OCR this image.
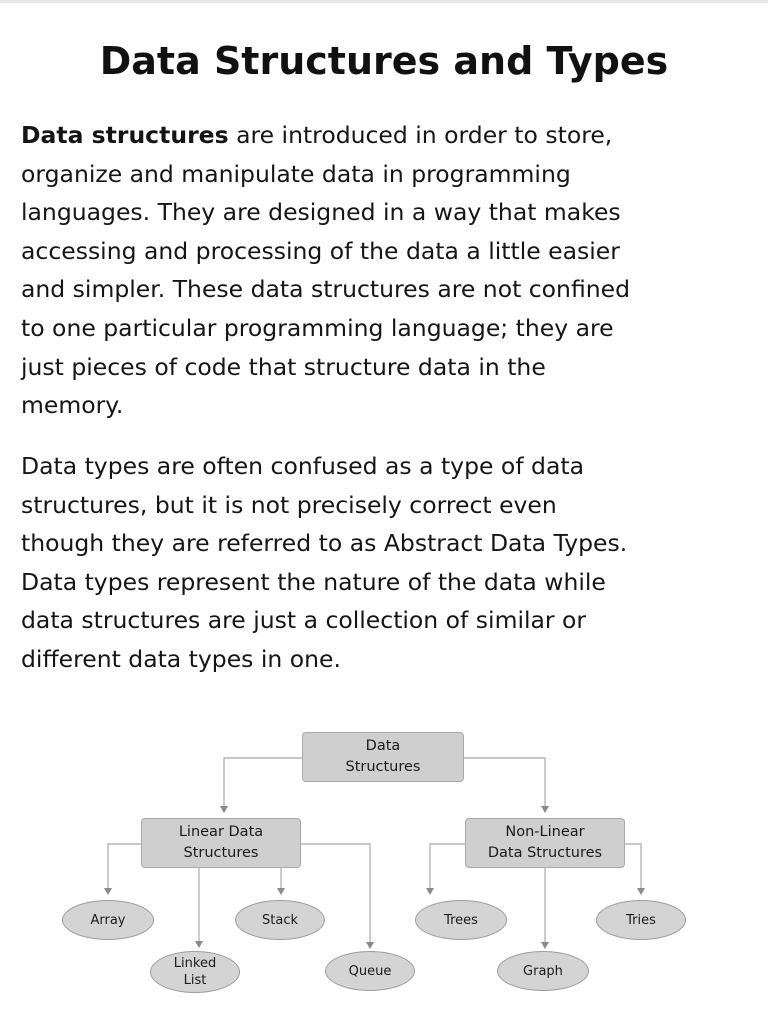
Data Structures and Types
Data structures are introduced in order to store,
organize and manipulate data in programming
languages. They are designed in a way that makes
accessing and processing of the data a little easier
and simpler. These data structures are not confined
to one particular programming language; they are
just pieces of code that structure data in the
memory.
Data types are often confused as a type of data
structures, but it is not precisely correct even
though they are referred to as Abstract Data Types.
Data types represent the nature of the data while
data structures are just a collection of similar or
different data types in one.
Data
Structures
Linear Data
Structures
Non-Linear
Data Structures
Array
Linked
List
Stack
Queue
Trees
Graph
Tries
